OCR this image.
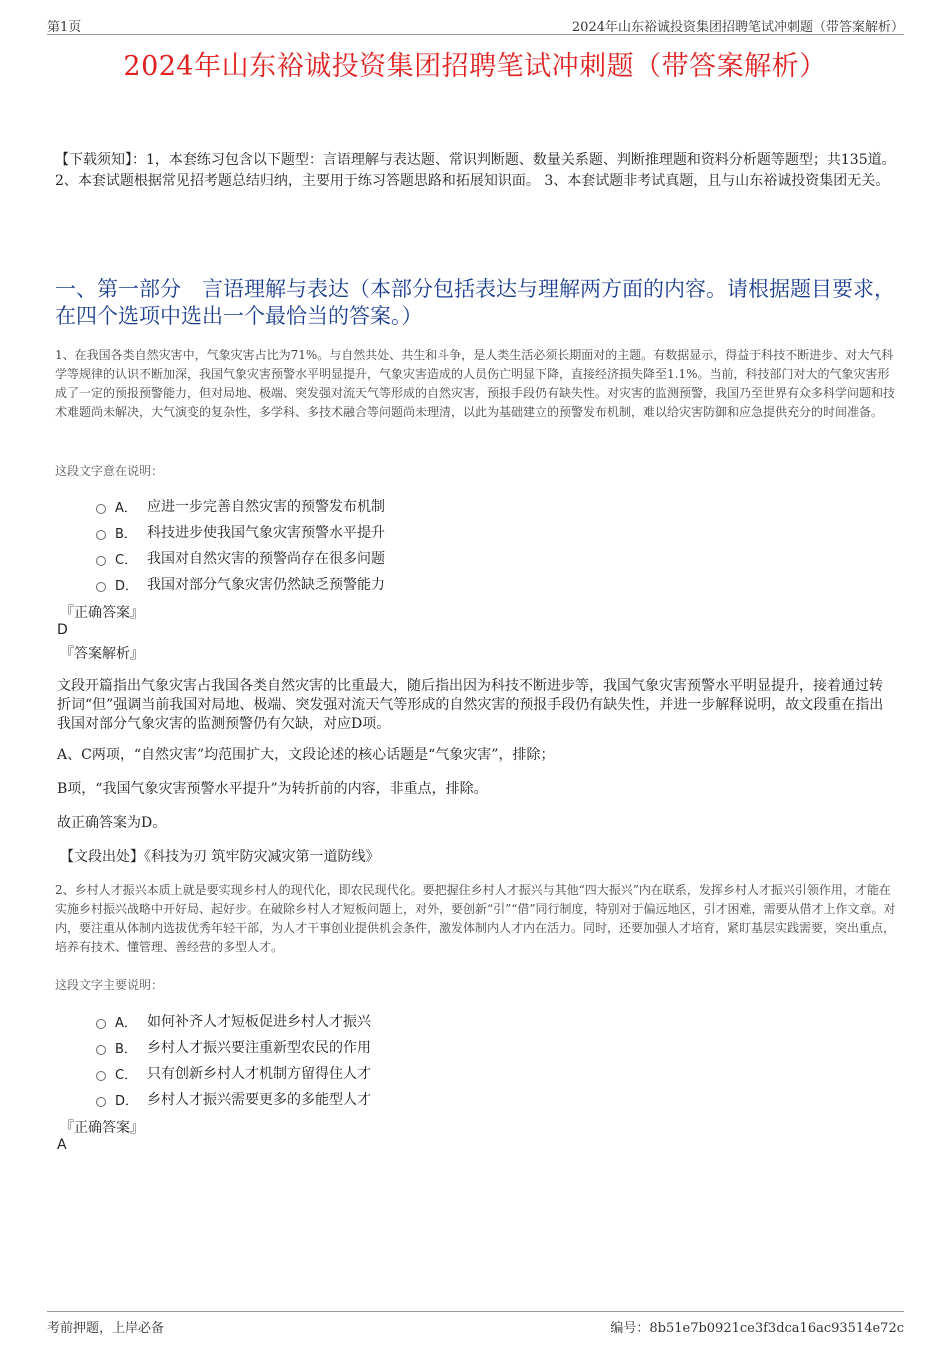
第1页	2024年山东裕诚投资集团招聘笔试冲刺题（带答案解析）
2024年山东裕诚投资集团招聘笔试冲刺题（带答案解析）
【下载须知】：1，本套练习包含以下题型：言语理解与表达题、常识判断题、数量关系题、判断推理题和资料分析题等题型；共135道。 2、本套试题根据常见招考题总结归纳，主要用于练习答题思路和拓展知识面。 3、本套试题非考试真题，且与山东裕诚投资集团无关。
一、第一部分　言语理解与表达（本部分包括表达与理解两方面的内容。请根据题目要求，在四个选项中选出一个最恰当的答案。）
1、在我国各类自然灾害中，气象灾害占比为71%。与自然共处、共生和斗争，是人类生活必须长期面对的主题。有数据显示，得益于科技不断进步、对大气科学等规律的认识不断加深，我国气象灾害预警水平明显提升，气象灾害造成的人员伤亡明显下降，直接经济损失降至1.1%。当前，科技部门对大的气象灾害形成了一定的预报预警能力，但对局地、极端、突发强对流天气等形成的自然灾害，预报手段仍有缺失性。对灾害的监测预警，我国乃至世界有众多科学问题和技术难题尚未解决，大气演变的复杂性，多学科、多技术融合等问题尚未理清，以此为基础建立的预警发布机制，难以给灾害防御和应急提供充分的时间准备。
这段文字意在说明：
A． 应进一步完善自然灾害的预警发布机制
B． 科技进步使我国气象灾害预警水平提升
C． 我国对自然灾害的预警尚存在很多问题
D． 我国对部分气象灾害仍然缺乏预警能力
『正确答案』
D
『答案解析』
文段开篇指出气象灾害占我国各类自然灾害的比重最大，随后指出因为科技不断进步等，我国气象灾害预警水平明显提升，接着通过转折词“但”强调当前我国对局地、极端、突发强对流天气等形成的自然灾害的预报手段仍有缺失性，并进一步解释说明，故文段重在指出我国对部分气象灾害的监测预警仍有欠缺，对应D项。
A、C两项，“自然灾害”均范围扩大，文段论述的核心话题是“气象灾害”，排除；
B项，“我国气象灾害预警水平提升”为转折前的内容，非重点，排除。
故正确答案为D。
【文段出处】《科技为刃 筑牢防灾减灾第一道防线》
2、乡村人才振兴本质上就是要实现乡村人的现代化，即农民现代化。要把握住乡村人才振兴与其他“四大振兴”内在联系，发挥乡村人才振兴引领作用，才能在实施乡村振兴战略中开好局、起好步。在破除乡村人才短板问题上，对外，要创新“引”“借”同行制度，特别对于偏远地区，引才困难，需要从借才上作文章。对内，要注重从体制内选拔优秀年轻干部，为人才干事创业提供机会条件，激发体制内人才内在活力。同时，还要加强人才培育，紧盯基层实践需要，突出重点，培养有技术、懂管理、善经营的多型人才。
这段文字主要说明：
A． 如何补齐人才短板促进乡村人才振兴
B． 乡村人才振兴要注重新型农民的作用
C． 只有创新乡村人才机制方留得住人才
D． 乡村人才振兴需要更多的多能型人才
『正确答案』
A
考前押题，上岸必备	编号：8b51e7b0921ce3f3dca16ac93514e72c
